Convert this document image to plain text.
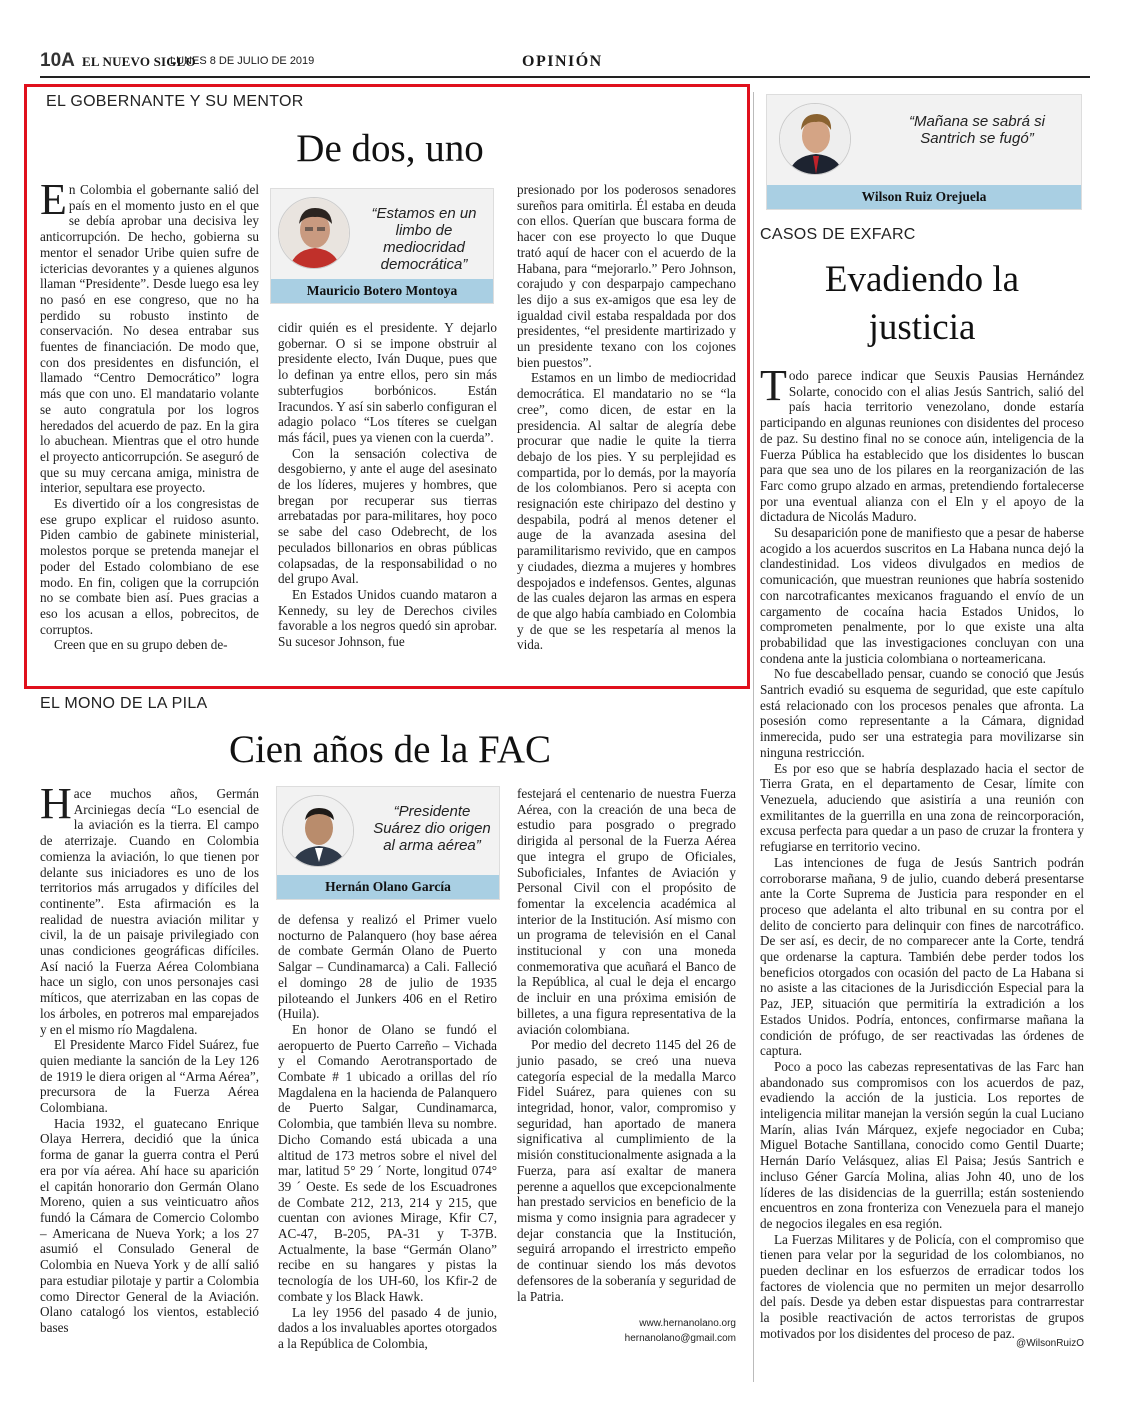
10A EL NUEVO SIGLO
LUNES 8 DE JULIO DE 2019	OPINIÓN
EL GOBERNANTE Y SU MENTOR
De dos, uno

En Colombia el gobernante salió del país en el momento justo en el que se debía aprobar una decisiva ley anticorrupción. De hecho, gobierna su mentor el senador Uribe quien sufre de ictericias devorantes y a quienes algunos llaman “Presidente”. Desde luego esa ley no pasó en ese congreso, que no ha perdido su robusto instinto de conservación. No desea entrabar sus fuentes de financiación. De modo que, con dos presidentes en disfunción, el llamado “Centro Democrático” logra más que con uno. El mandatario volante se auto congratula por los logros heredados del acuerdo de paz. En la gira lo abuchean. Mientras que el otro hunde el proyecto anticorrupción. Se aseguró de que su muy cercana amiga, ministra de interior, sepultara ese proyecto.

Es divertido oír a los congresistas de ese grupo explicar el ruidoso asunto. Piden cambio de gabinete ministerial, molestos porque se pretenda manejar el poder del Estado colombiano de ese modo. En fin, coligen que la corrupción no se combate bien así. Pues gracias a eso los acusan a ellos, pobrecitos, de corruptos.

Creen que en su grupo deben de-

“Estamos en un limbo de mediocridad democrática”
Mauricio Botero Montoya

cidir quién es el presidente. Y dejarlo gobernar. O si se impone obstruir al presidente electo, Iván Duque, pues que lo definan ya entre ellos, pero sin más subterfugios borbónicos. Están Iracundos. Y así sin saberlo configuran el adagio polaco “Los títeres se cuelgan más fácil, pues ya vienen con la cuerda”.

Con la sensación colectiva de desgobierno, y ante el auge del asesinato de los líderes, mujeres y hombres, que bregan por recuperar sus tierras arrebatadas por para-militares, hoy poco se sabe del caso Odebrecht, de los peculados billonarios en obras públicas colapsadas, de la responsabilidad o no del grupo Aval.

En Estados Unidos cuando mataron a Kennedy, su ley de Derechos civiles favorable a los negros quedó sin aprobar. Su sucesor Johnson, fue

presionado por los poderosos senadores sureños para omitirla. Él estaba en deuda con ellos. Querían que buscara forma de hacer con ese proyecto lo que Duque trató aquí de hacer con el acuerdo de la Habana, para “mejorarlo.” Pero Johnson, corajudo y con desparpajo campechano les dijo a sus ex-amigos que esa ley de igualdad civil estaba respaldada por dos presidentes, “el presidente martirizado y un presidente texano con los cojones bien puestos”.

Estamos en un limbo de mediocridad democrática. El mandatario no se “la cree”, como dicen, de estar en la presidencia. Al saltar de alegría debe procurar que nadie le quite la tierra debajo de los pies. Y su perplejidad es compartida, por lo demás, por la mayoría de los colombianos. Pero si acepta con resignación este chiripazo del destino y despabila, podrá al menos detener el auge de la avanzada asesina del paramilitarismo revivido, que en campos y ciudades, diezma a mujeres y hombres despojados e indefensos. Gentes, algunas de las cuales dejaron las armas en espera de que algo había cambiado en Colombia y de que se les respetaría al menos la vida.

EL MONO DE LA PILA
Cien años de la FAC

Hace muchos años, Germán Arciniegas decía “Lo esencial de la aviación es la tierra. El campo de aterrizaje. Cuando en Colombia comienza la aviación, lo que tienen por delante sus iniciadores es uno de los territorios más arrugados y difíciles del continente”. Esta afirmación es la realidad de nuestra aviación militar y civil, la de un paisaje privilegiado con unas condiciones geográficas difíciles. Así nació la Fuerza Aérea Colombiana hace un siglo, con unos personajes casi míticos, que aterrizaban en las copas de los árboles, en potreros mal emparejados y en el mismo río Magdalena.

El Presidente Marco Fidel Suárez, fue quien mediante la sanción de la Ley 126 de 1919 le diera origen al “Arma Aérea”, precursora de la Fuerza Aérea Colombiana.

Hacia 1932, el guatecano Enrique Olaya Herrera, decidió que la única forma de ganar la guerra contra el Perú era por vía aérea. Ahí hace su aparición el capitán honorario don Germán Olano Moreno, quien a sus veinticuatro años fundó la Cámara de Comercio Colombo – Americana de Nueva York; a los 27 asumió el Consulado General de Colombia en Nueva York y de allí salió para estudiar pilotaje y partir a Colombia como Director General de la Aviación. Olano catalogó los vientos, estableció bases

“Presidente Suárez dio origen al arma aérea”
Hernán Olano García

de defensa y realizó el Primer vuelo nocturno de Palanquero (hoy base aérea de combate Germán Olano de Puerto Salgar – Cundinamarca) a Cali. Falleció el domingo 28 de julio de 1935 piloteando el Junkers 406 en el Retiro (Huila).

En honor de Olano se fundó el aeropuerto de Puerto Carreño – Vichada y el Comando Aerotransportado de Combate # 1 ubicado a orillas del río Magdalena en la hacienda de Palanquero de Puerto Salgar, Cundinamarca, Colombia, que también lleva su nombre. Dicho Comando está ubicada a una altitud de 173 metros sobre el nivel del mar, latitud 5° 29 ´ Norte, longitud 074° 39 ´ Oeste. Es sede de los Escuadrones de Combate 212, 213, 214 y 215, que cuentan con aviones Mirage, Kfir C7, AC-47, B-205, PA-31 y T-37B. Actualmente, la base “Germán Olano” recibe en su hangares y pistas la tecnología de los UH-60, los Kfir-2 de combate y los Black Hawk.

La ley 1956 del pasado 4 de junio, dados a los invaluables aportes otorgados a la República de Colombia,

festejará el centenario de nuestra Fuerza Aérea, con la creación de una beca de estudio para posgrado o pregrado dirigida al personal de la Fuerza Aérea que integra el grupo de Oficiales, Suboficiales, Infantes de Aviación y Personal Civil con el propósito de fomentar la excelencia académica al interior de la Institución. Así mismo con un programa de televisión en el Canal institucional y con una moneda conmemorativa que acuñará el Banco de la República, al cual le deja el encargo de incluir en una próxima emisión de billetes, a una figura representativa de la aviación colombiana.

Por medio del decreto 1145 del 26 de junio pasado, se creó una nueva categoría especial de la medalla Marco Fidel Suárez, para quienes con su integridad, honor, valor, compromiso y seguridad, han aportado de manera significativa al cumplimiento de la misión constitucionalmente asignada a la Fuerza, para así exaltar de manera perenne a aquellos que excepcionalmente han prestado servicios en beneficio de la misma y como insignia para agradecer y dejar constancia que la Institución, seguirá arropando el irrestricto empeño de continuar siendo los más devotos defensores de la soberanía y seguridad de la Patria.

www.hernanolano.org
hernanolano@gmail.com
“Mañana se sabrá si Santrich se fugó”
Wilson Ruiz Orejuela
CASOS DE EXFARC
Evadiendo la
justicia

Todo parece indicar que Seuxis Pausias Hernández Solarte, conocido con el alias Jesús Santrich, salió del país hacia territorio venezolano, donde estaría participando en algunas reuniones con disidentes del proceso de paz. Su destino final no se conoce aún, inteligencia de la Fuerza Pública ha establecido que los disidentes lo buscan para que sea uno de los pilares en la reorganización de las Farc como grupo alzado en armas, pretendiendo fortalecerse por una eventual alianza con el Eln y el apoyo de la dictadura de Nicolás Maduro.

Su desaparición pone de manifiesto que a pesar de haberse acogido a los acuerdos suscritos en La Habana nunca dejó la clandestinidad. Los videos divulgados en medios de comunicación, que muestran reuniones que habría sostenido con narcotraficantes mexicanos fraguando el envío de un cargamento de cocaína hacia Estados Unidos, lo comprometen penalmente, por lo que existe una alta probabilidad que las investigaciones concluyan con una condena ante la justicia colombiana o norteamericana.

No fue descabellado pensar, cuando se conoció que Jesús Santrich evadió su esquema de seguridad, que este capítulo está relacionado con los procesos penales que afronta. La posesión como representante a la Cámara, dignidad inmerecida, pudo ser una estrategia para movilizarse sin ninguna restricción.

Es por eso que se habría desplazado hacia el sector de Tierra Grata, en el departamento de Cesar, límite con Venezuela, aduciendo que asistiría a una reunión con exmilitantes de la guerrilla en una zona de reincorporación, excusa perfecta para quedar a un paso de cruzar la frontera y refugiarse en territorio vecino.

Las intenciones de fuga de Jesús Santrich podrán corroborarse mañana, 9 de julio, cuando deberá presentarse ante la Corte Suprema de Justicia para responder en el proceso que adelanta el alto tribunal en su contra por el delito de concierto para delinquir con fines de narcotráfico. De ser así, es decir, de no comparecer ante la Corte, tendrá que ordenarse la captura. También debe perder todos los beneficios otorgados con ocasión del pacto de La Habana si no asiste a las citaciones de la Jurisdicción Especial para la Paz, JEP, situación que permitiría la extradición a los Estados Unidos. Podría, entonces, confirmarse mañana la condición de prófugo, de ser reactivadas las órdenes de captura.

Poco a poco las cabezas representativas de las Farc han abandonado sus compromisos con los acuerdos de paz, evadiendo la acción de la justicia. Los reportes de inteligencia militar manejan la versión según la cual Luciano Marín, alias Iván Márquez, exjefe negociador en Cuba; Miguel Botache Santillana, conocido como Gentil Duarte; Hernán Darío Velásquez, alias El Paisa; Jesús Santrich e incluso Géner García Molina, alias John 40, uno de los líderes de las disidencias de la guerrilla; están sosteniendo encuentros en zona fronteriza con Venezuela para el manejo de negocios ilegales en esa región.

La Fuerzas Militares y de Policía, con el compromiso que tienen para velar por la seguridad de los colombianos, no pueden declinar en los esfuerzos de erradicar todos los factores de violencia que no permiten un mejor desarrollo del país. Desde ya deben estar dispuestas para contrarrestar la posible reactivación de actos terroristas de grupos motivados por los disidentes del proceso de paz.

@WilsonRuizO
